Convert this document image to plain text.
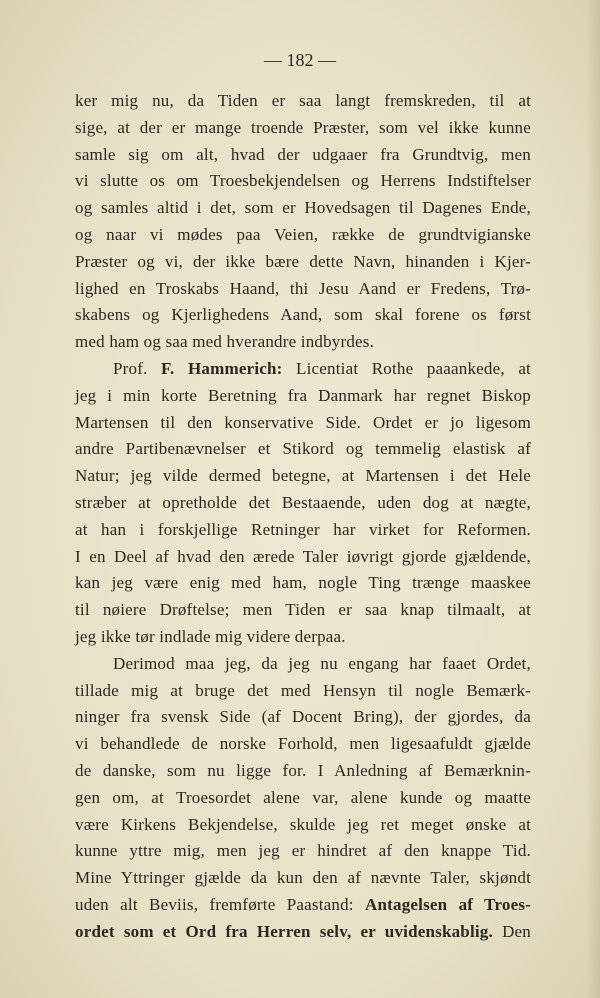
— 182 —
ker mig nu, da Tiden er saa langt fremskreden, til at
sige, at der er mange troende Præster, som vel ikke kunne
samle sig om alt, hvad der udgaaer fra Grundtvig, men
vi slutte os om Troesbekjendelsen og Herrens Indstiftelser
og samles altid i det, som er Hovedsagen til Dagenes Ende,
og naar vi mødes paa Veien, række de grundtvigianske
Præster og vi, der ikke bære dette Navn, hinanden i Kjer-
lighed en Troskabs Haand, thi Jesu Aand er Fredens, Trø-
skabens og Kjerlighedens Aand, som skal forene os først
med ham og saa med hverandre indbyrdes.
Prof. F. Hammerich: Licentiat Rothe paaankede, at
jeg i min korte Beretning fra Danmark har regnet Biskop
Martensen til den konservative Side. Ordet er jo ligesom
andre Partibenævnelser et Stikord og temmelig elastisk af
Natur; jeg vilde dermed betegne, at Martensen i det Hele
stræber at opretholde det Bestaaende, uden dog at nægte,
at han i forskjellige Retninger har virket for Reformen.
I en Deel af hvad den ærede Taler iøvrigt gjorde gjældende,
kan jeg være enig med ham, nogle Ting trænge maaskee
til nøiere Drøftelse; men Tiden er saa knap tilmaalt, at
jeg ikke tør indlade mig videre derpaa.
Derimod maa jeg, da jeg nu engang har faaet Ordet,
tillade mig at bruge det med Hensyn til nogle Bemærk-
ninger fra svensk Side (af Docent Bring), der gjordes, da
vi behandlede de norske Forhold, men ligesaafuldt gjælde
de danske, som nu ligge for. I Anledning af Bemærknin-
gen om, at Troesordet alene var, alene kunde og maatte
være Kirkens Bekjendelse, skulde jeg ret meget ønske at
kunne yttre mig, men jeg er hindret af den knappe Tid.
Mine Yttringer gjælde da kun den af nævnte Taler, skjøndt
uden alt Beviis, fremførte Paastand: Antagelsen af Troes-
ordet som et Ord fra Herren selv, er uvidenskablig. Den
